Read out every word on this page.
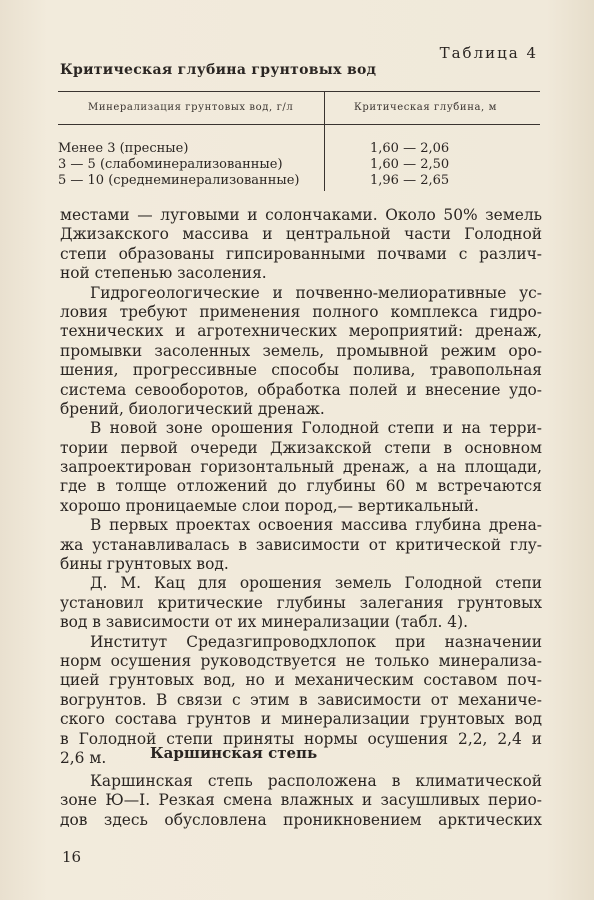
Таблица 4
Критическая глубина грунтовых вод
Минерализация грунтовых вод, г/л	Критическая глубина, м
Менее 3 (пресные)	1,60 — 2,06
3 — 5 (слабоминерализованные)	1,60 — 2,50
5 — 10 (среднеминерализованные)	1,96 — 2,65
местами — луговыми и солончаками. Около 50% земель
Джизакского массива и центральной части Голодной
степи образованы гипсированными почвами с различ-
ной степенью засоления.
Гидрогеологические и почвенно-мелиоративные ус-
ловия требуют применения полного комплекса гидро-
технических и агротехнических мероприятий: дренаж,
промывки засоленных земель, промывной режим оро-
шения, прогрессивные способы полива, травопольная
система севооборотов, обработка полей и внесение удо-
брений, биологический дренаж.
В новой зоне орошения Голодной степи и на терри-
тории первой очереди Джизакской степи в основном
запроектирован горизонтальный дренаж, а на площади,
где в толще отложений до глубины 60 м встречаются
хорошо проницаемые слои пород,— вертикальный.
В первых проектах освоения массива глубина дрена-
жа устанавливалась в зависимости от критической глу-
бины грунтовых вод.
Д. М. Кац для орошения земель Голодной степи
установил критические глубины залегания грунтовых
вод в зависимости от их минерализации (табл. 4).
Институт Средазгипроводхлопок при назначении
норм осушения руководствуется не только минерализа-
цией грунтовых вод, но и механическим составом поч-
вогрунтов. В связи с этим в зависимости от механиче-
ского состава грунтов и минерализации грунтовых вод
в Голодной степи приняты нормы осушения 2,2, 2,4 и
2,6 м.	Каршинская степь
Каршинская степь расположена в климатической
зоне Ю—I. Резкая смена влажных и засушливых перио-
дов здесь обусловлена проникновением арктических
16
